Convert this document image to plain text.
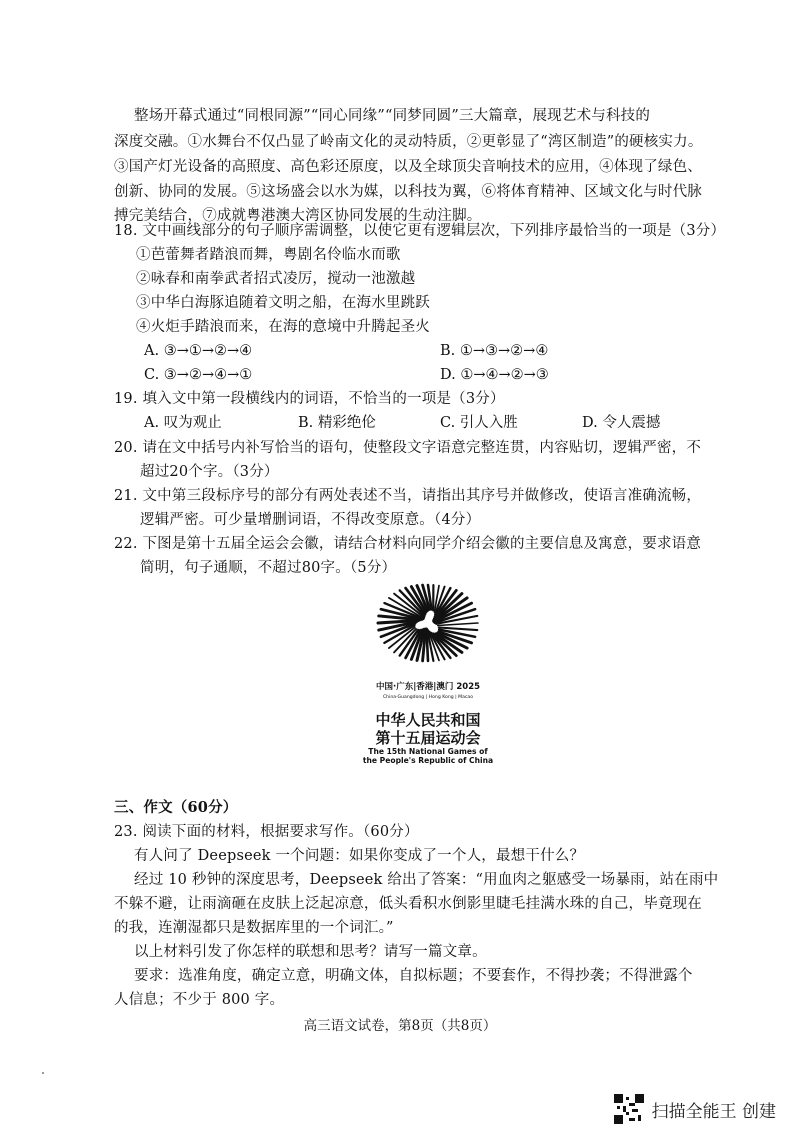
整场开幕式通过“同根同源”“同心同缘”“同梦同圆”三大篇章，展现艺术与科技的
深度交融。①水舞台不仅凸显了岭南文化的灵动特质，②更彰显了“湾区制造”的硬核实力。
③国产灯光设备的高照度、高色彩还原度，以及全球顶尖音响技术的应用，④体现了绿色、
创新、协同的发展。⑤这场盛会以水为媒，以科技为翼，⑥将体育精神、区域文化与时代脉
搏完美结合，⑦成就粤港澳大湾区协同发展的生动注脚。
18. 文中画线部分的句子顺序需调整，以使它更有逻辑层次，下列排序最恰当的一项是（3分）
①芭蕾舞者踏浪而舞，粤剧名伶临水而歌
②咏春和南拳武者招式凌厉，搅动一池激越
③中华白海豚追随着文明之船，在海水里跳跃
④火炬手踏浪而来，在海的意境中升腾起圣火
A. ③→①→②→④	B. ①→③→②→④
C. ③→②→④→①	D. ①→④→②→③
19. 填入文中第一段横线内的词语，不恰当的一项是（3分）
A. 叹为观止	B. 精彩绝伦	C. 引人入胜	D. 令人震撼
20. 请在文中括号内补写恰当的语句，使整段文字语意完整连贯，内容贴切，逻辑严密，不
超过20个字。（3分）
21. 文中第三段标序号的部分有两处表述不当，请指出其序号并做修改，使语言准确流畅，
逻辑严密。可少量增删词语，不得改变原意。（4分）
22. 下图是第十五届全运会会徽，请结合材料向同学介绍会徽的主要信息及寓意，要求语意
简明，句子通顺，不超过80字。（5分）
中国·广东|香港|澳门 2025
China·Guangdong | Hong Kong | Macao
中华人民共和国
第十五届运动会
The 15th National Games of
the People's Republic of China
三、作文（60分）
23. 阅读下面的材料，根据要求写作。（60分）
有人问了 Deepseek 一个问题：如果你变成了一个人，最想干什么？
经过 10 秒钟的深度思考，Deepseek 给出了答案：“用血肉之躯感受一场暴雨，站在雨中
不躲不避，让雨滴砸在皮肤上泛起凉意，低头看积水倒影里睫毛挂满水珠的自己，毕竟现在
的我，连潮湿都只是数据库里的一个词汇。”
以上材料引发了你怎样的联想和思考？请写一篇文章。
要求：选准角度，确定立意，明确文体，自拟标题；不要套作，不得抄袭；不得泄露个
人信息；不少于 800 字。
高三语文试卷，第8页（共8页）
扫描全能王 创建
